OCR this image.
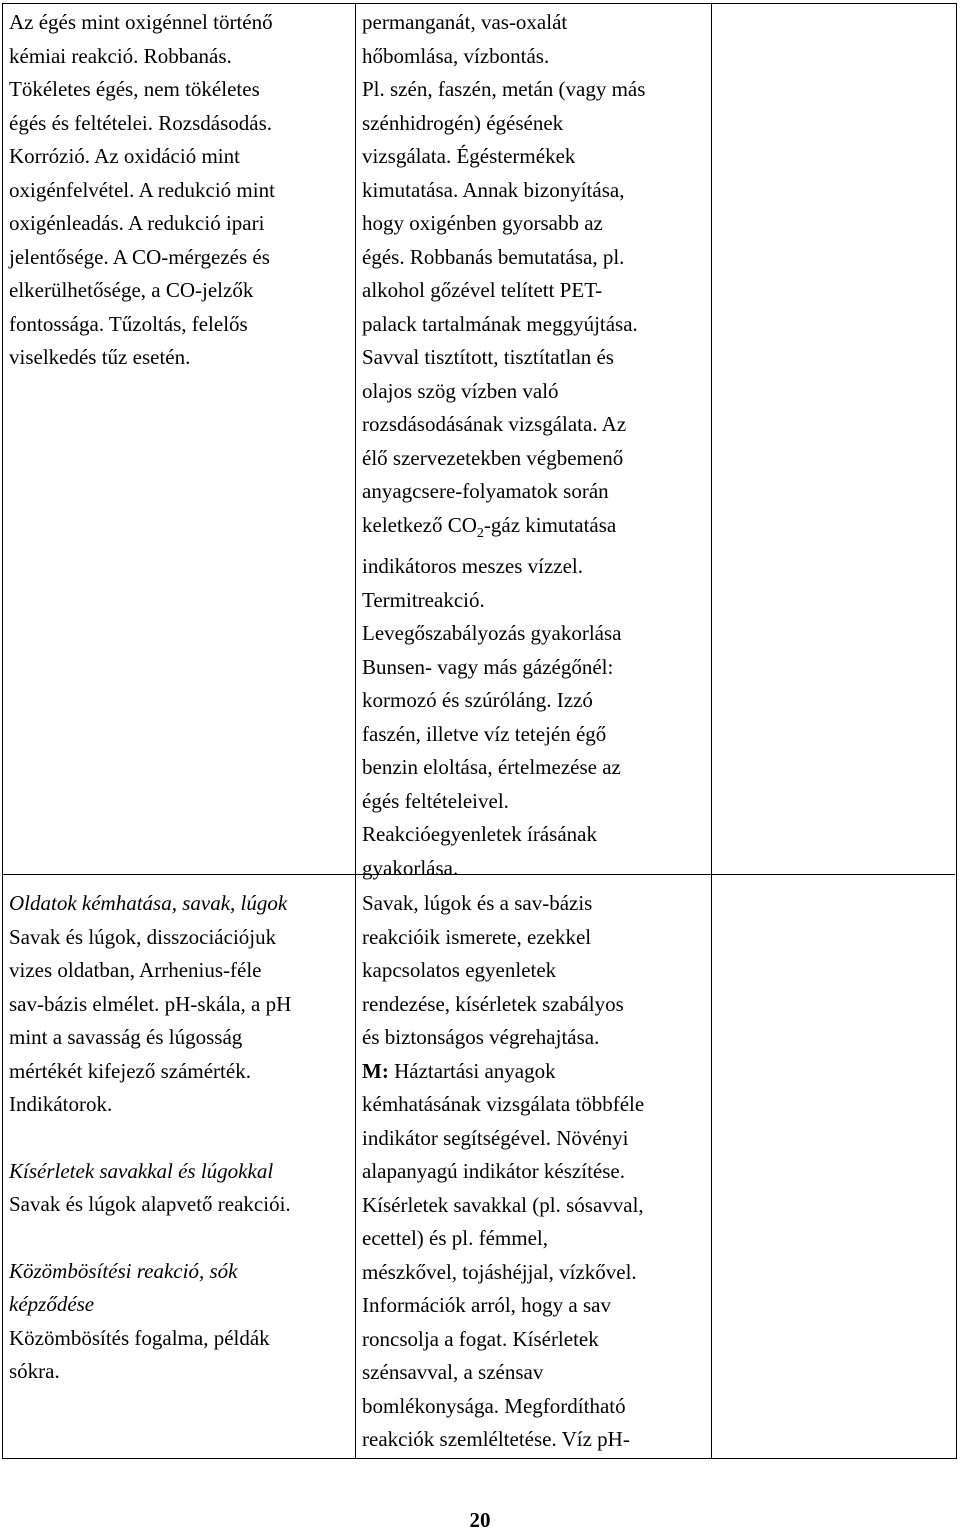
Az égés mint oxigénnel történő

kémiai reakció. Robbanás.

Tökéletes égés, nem tökéletes

égés és feltételei. Rozsdásodás.

Korrózió. Az oxidáció mint

oxigénfelvétel. A redukció mint

oxigénleadás. A redukció ipari

jelentősége. A CO-mérgezés és

elkerülhetősége, a CO-jelzők

fontossága. Tűzoltás, felelős

viselkedés tűz esetén.

permanganát, vas-oxalát

hőbomlása, vízbontás.

Pl. szén, faszén, metán (vagy más

szénhidrogén) égésének

vizsgálata. Égéstermékek

kimutatása. Annak bizonyítása,

hogy oxigénben gyorsabb az

égés. Robbanás bemutatása, pl.

alkohol gőzével telített PET-

palack tartalmának meggyújtása.

Savval tisztított, tisztítatlan és

olajos szög vízben való

rozsdásodásának vizsgálata. Az

élő szervezetekben végbemenő

anyagcsere-folyamatok során

keletkező $CO_2$-gáz kimutatása

indikátoros meszes vízzel.

Termitreakció.

Levegőszabályozás gyakorlása

Bunsen- vagy más gázégőnél:

kormozó és szúróláng. Izzó

faszén, illetve víz tetején égő

benzin eloltása, értelmezése az

égés feltételeivel.

Reakcióegyenletek írásának

gyakorlása.

Oldatok kémhatása, savak, lúgok

Savak és lúgok, disszociációjuk

vizes oldatban, Arrhenius-féle

sav-bázis elmélet. pH-skála, a pH

mint a savasság és lúgosság

mértékét kifejező számérték.

Indikátorok.

Kísérletek savakkal és lúgokkal

Savak és lúgok alapvető reakciói.

Közömbösítési reakció, sók

képződése

Közömbösítés fogalma, példák

sókra.

Savak, lúgok és a sav-bázis

reakcióik ismerete, ezekkel

kapcsolatos egyenletek

rendezése, kísérletek szabályos

és biztonságos végrehajtása.

M: Háztartási anyagok

kémhatásának vizsgálata többféle

indikátor segítségével. Növényi

alapanyagú indikátor készítése.

Kísérletek savakkal (pl. sósavval,

ecettel) és pl. fémmel,

mészkővel, tojáshéjjal, vízkővel.

Információk arról, hogy a sav

roncsolja a fogat. Kísérletek

szénsavval, a szénsav

bomlékonysága. Megfordítható

reakciók szemléltetése. Víz pH-

20
